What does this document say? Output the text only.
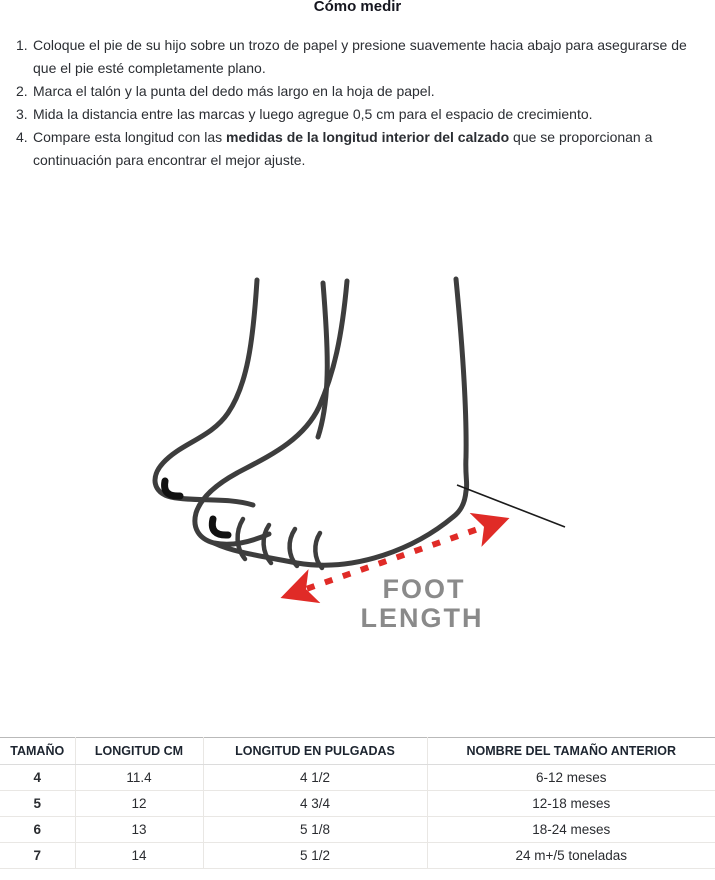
Cómo medir
1. Coloque el pie de su hijo sobre un trozo de papel y presione suavemente hacia abajo para asegurarse de que el pie esté completamente plano.
2. Marca el talón y la punta del dedo más largo en la hoja de papel.
3. Mida la distancia entre las marcas y luego agregue 0,5 cm para el espacio de crecimiento.
4. Compare esta longitud con las medidas de la longitud interior del calzado que se proporcionan a continuación para encontrar el mejor ajuste.
FOOT
LENGTH
TAMAÑO	LONGITUD CM	LONGITUD EN PULGADAS	NOMBRE DEL TAMAÑO ANTERIOR
4	11.4	4 1/2	6-12 meses
5	12	4 3/4	12-18 meses
6	13	5 1/8	18-24 meses
7	14	5 1/2	24 m+/5 toneladas
